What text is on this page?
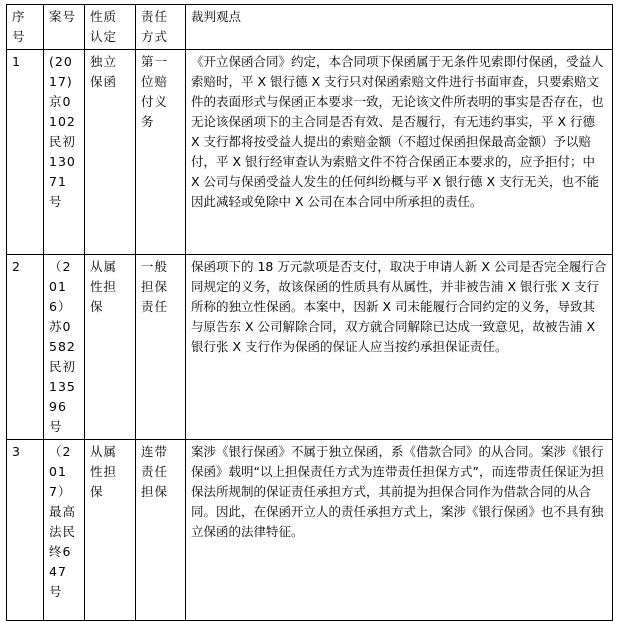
序号	案号	性质认定	责任方式	裁判观点
1	(2017)京0102民初13071号	独立保函	第一位赔付义务	《开立保函合同》约定，本合同项下保函属于无条件见索即付保函，受益人索赔时，平 X 银行德 X 支行只对保函索赔文件进行书面审查，只要索赔文件的表面形式与保函正本要求一致，无论该文件所表明的事实是否存在，也无论该保函项下的主合同是否有效、是否履行，有无违约事实，平 X 行德 X 支行都将按受益人提出的索赔金额（不超过保函担保最高金额）予以赔付，平 X 银行经审查认为索赔文件不符合保函正本要求的，应予拒付；中 X 公司与保函受益人发生的任何纠纷概与平 X 银行德 X 支行无关，也不能因此减轻或免除中 X 公司在本合同中所承担的责任。
2	（2016）苏0582民初13596号	从属性担保	一般担保责任	保函项下的 18 万元款项是否支付，取决于申请人新 X 公司是否完全履行合同规定的义务，故该保函的性质具有从属性，并非被告浦 X 银行张 X 支行所称的独立性保函。本案中，因新 X 司未能履行合同约定的义务，导致其与原告东 X 公司解除合同，双方就合同解除已达成一致意见，故被告浦 X 银行张 X 支行作为保函的保证人应当按约承担保证责任。
3	（2017）最高法民终647号	从属性担保	连带责任担保	案涉《银行保函》不属于独立保函，系《借款合同》的从合同。案涉《银行保函》载明“以上担保责任方式为连带责任担保方式”，而连带责任保证为担保法所规制的保证责任承担方式，其前提为担保合同作为借款合同的从合同。因此，在保函开立人的责任承担方式上，案涉《银行保函》也不具有独立保函的法律特征。
